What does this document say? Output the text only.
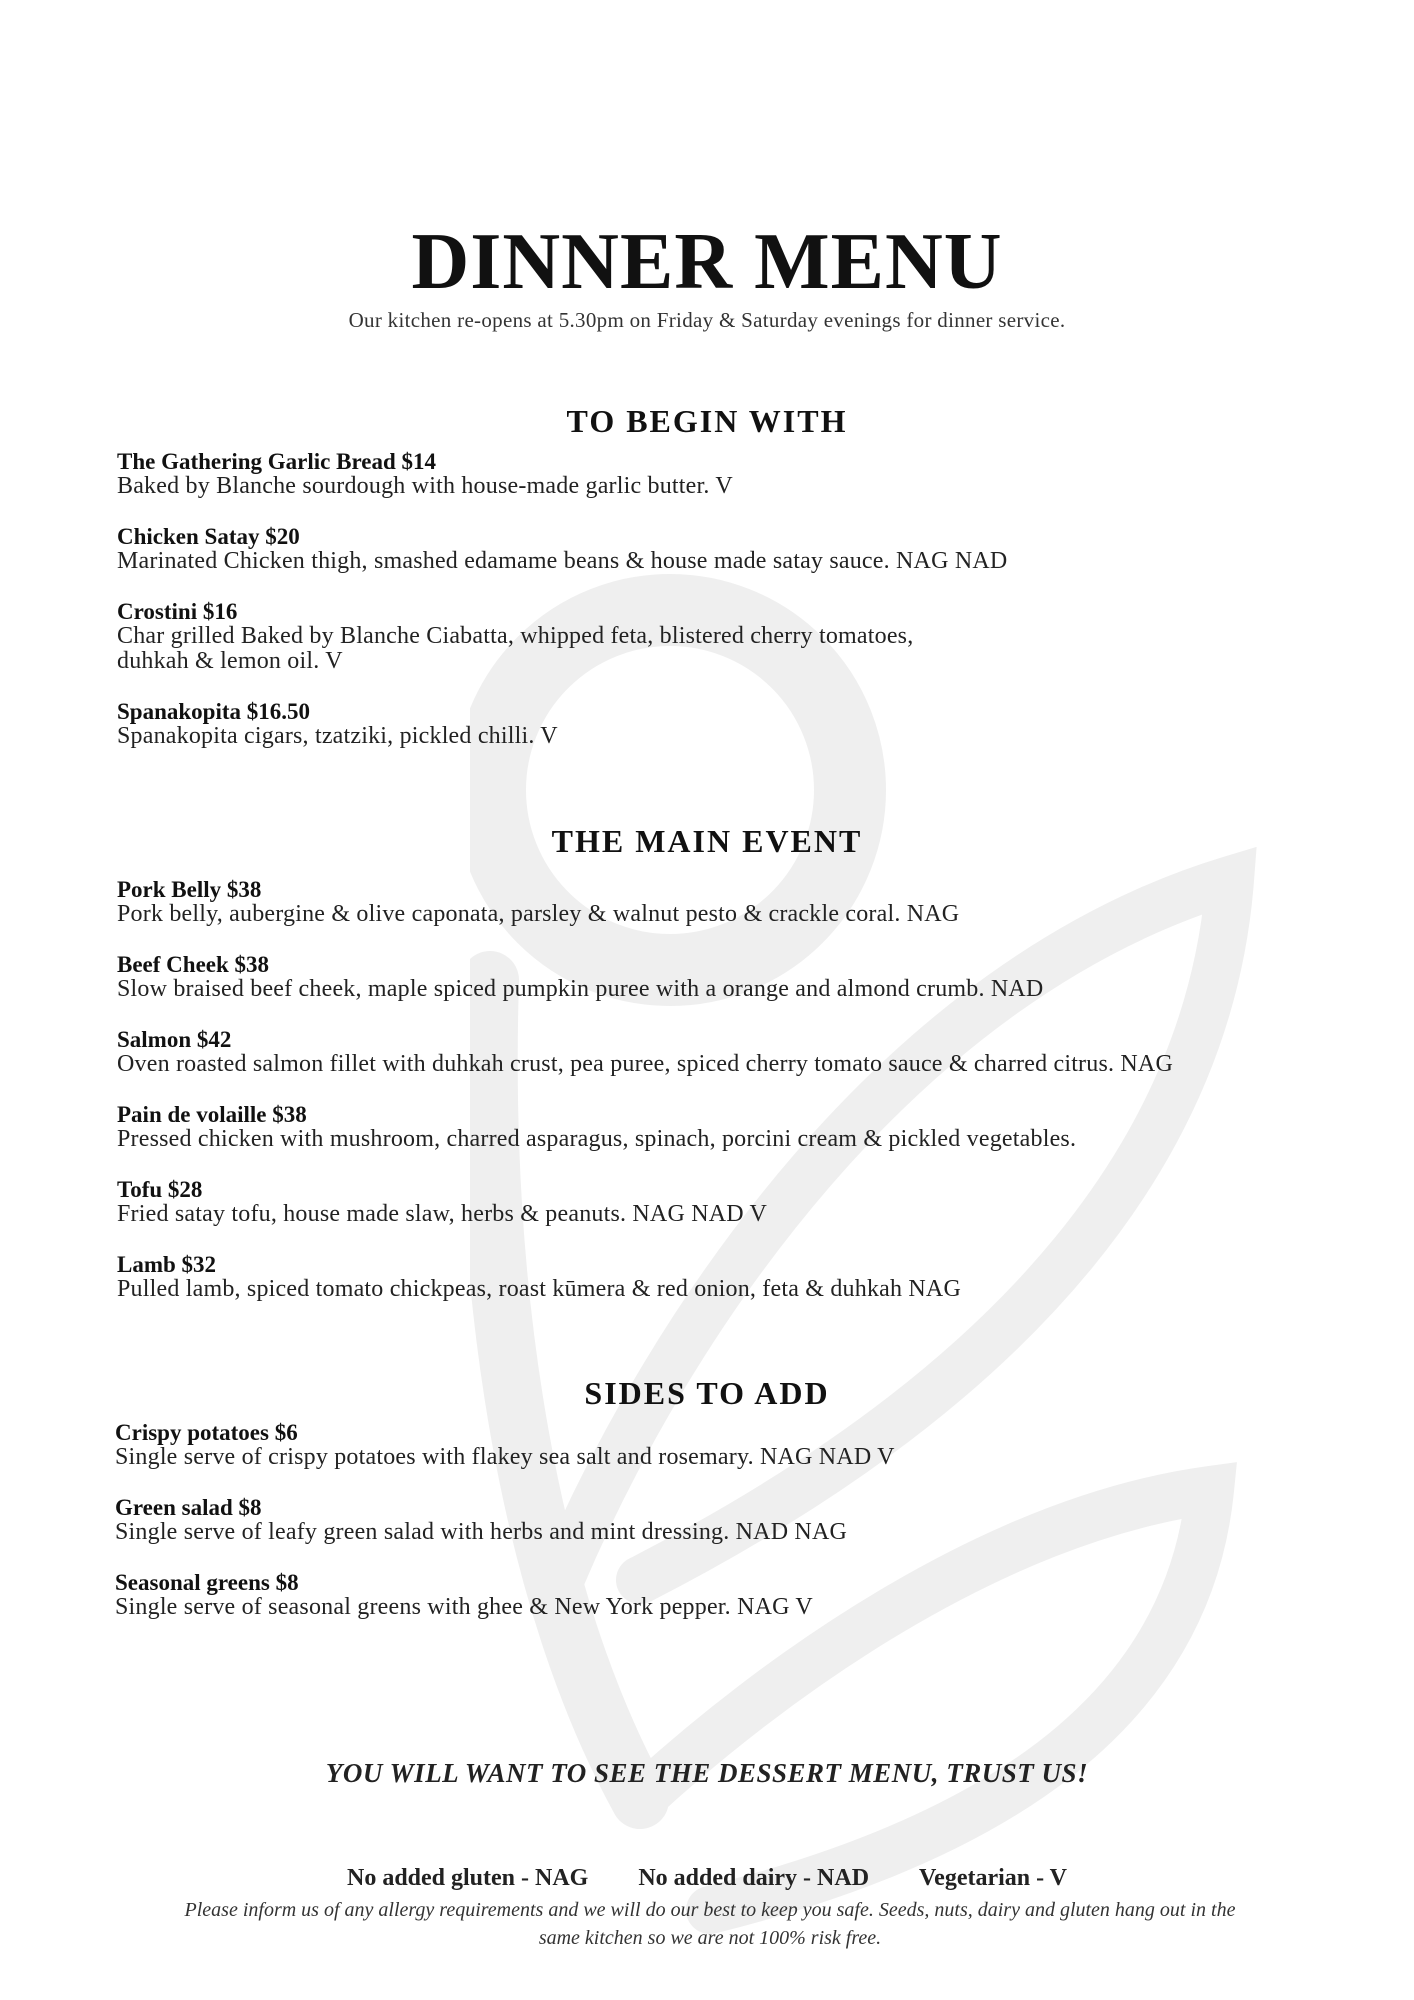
DINNER MENU
Our kitchen re-opens at 5.30pm on Friday & Saturday evenings for dinner service.
TO BEGIN WITH
The Gathering Garlic Bread $14
Baked by Blanche sourdough with house-made garlic butter. V
Chicken Satay $20
Marinated Chicken thigh, smashed edamame beans & house made satay sauce. NAG NAD
Crostini $16
Char grilled Baked by Blanche Ciabatta, whipped feta, blistered cherry tomatoes,
duhkah & lemon oil. V
Spanakopita $16.50
Spanakopita cigars, tzatziki, pickled chilli. V
THE MAIN EVENT
Pork Belly $38
Pork belly, aubergine & olive caponata, parsley & walnut pesto & crackle coral. NAG
Beef Cheek $38
Slow braised beef cheek, maple spiced pumpkin puree with a orange and almond crumb. NAD
Salmon $42
Oven roasted salmon fillet with duhkah crust, pea puree, spiced cherry tomato sauce & charred citrus. NAG
Pain de volaille $38
Pressed chicken with mushroom, charred asparagus, spinach, porcini cream & pickled vegetables.
Tofu $28
Fried satay tofu, house made slaw, herbs & peanuts. NAG NAD V
Lamb $32
Pulled lamb, spiced tomato chickpeas, roast kūmera & red onion, feta & duhkah NAG
SIDES TO ADD
Crispy potatoes $6
Single serve of crispy potatoes with flakey sea salt and rosemary. NAG NAD V
Green salad $8
Single serve of leafy green salad with herbs and mint dressing. NAD NAG
Seasonal greens $8
Single serve of seasonal greens with ghee & New York pepper. NAG V
YOU WILL WANT TO SEE THE DESSERT MENU, TRUST US!
No added gluten - NAG No added dairy - NAD Vegetarian - V
Please inform us of any allergy requirements and we will do our best to keep you safe. Seeds, nuts, dairy and gluten hang out in the
same kitchen so we are not 100% risk free.
